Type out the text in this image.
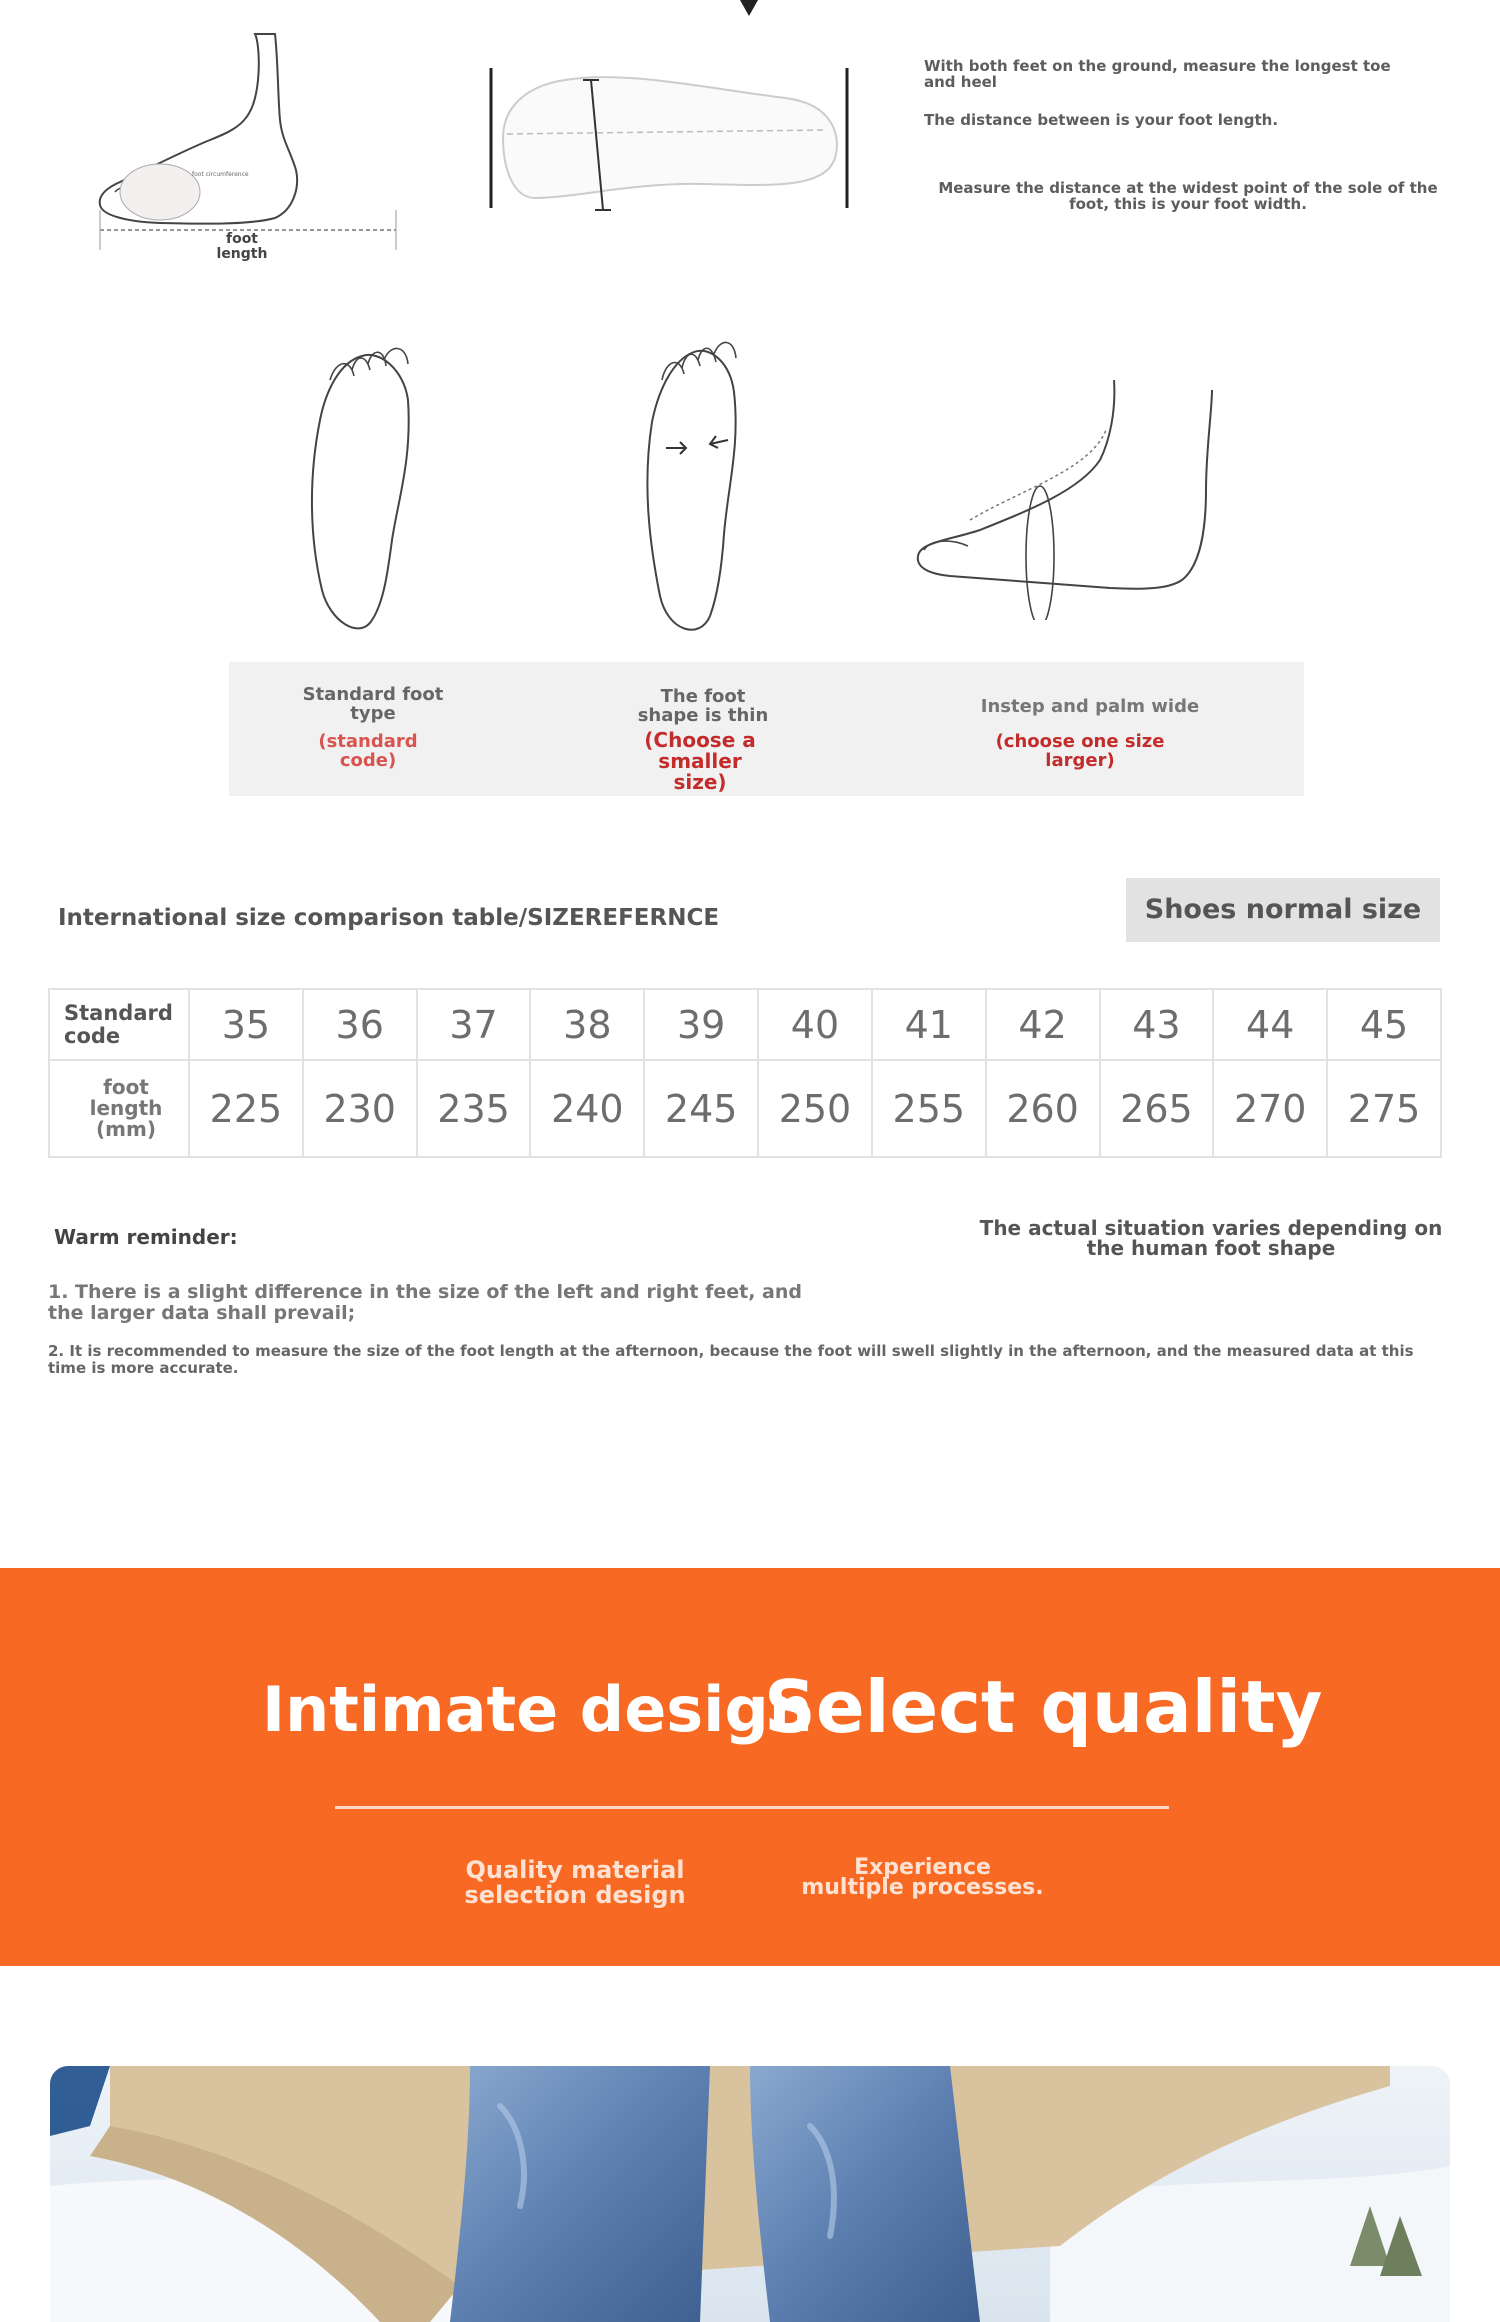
foot circumference
foot length
With both feet on the ground, measure the longest toe and heel
The distance between is your foot length.
Measure the distance at the widest point of the sole of the foot, this is your foot width.
Standard foot type
(standard code)
The foot shape is thin
(Choose a smaller size)
Instep and palm wide
(choose one size larger)
International size comparison table/SIZEREFERNCE	Shoes normal size
Standard code	35	36	37	38	39	40	41	42	43	44	45
foot length (mm)	225	230	235	240	245	250	255	260	265	270	275
Warm reminder:	The actual situation varies depending on the human foot shape
1. There is a slight difference in the size of the left and right feet, and the larger data shall prevail;
2. It is recommended to measure the size of the foot length at the afternoon, because the foot will swell slightly in the afternoon, and the measured data at this time is more accurate.
Intimate design
Select quality
Quality material selection design
Experience multiple processes.
